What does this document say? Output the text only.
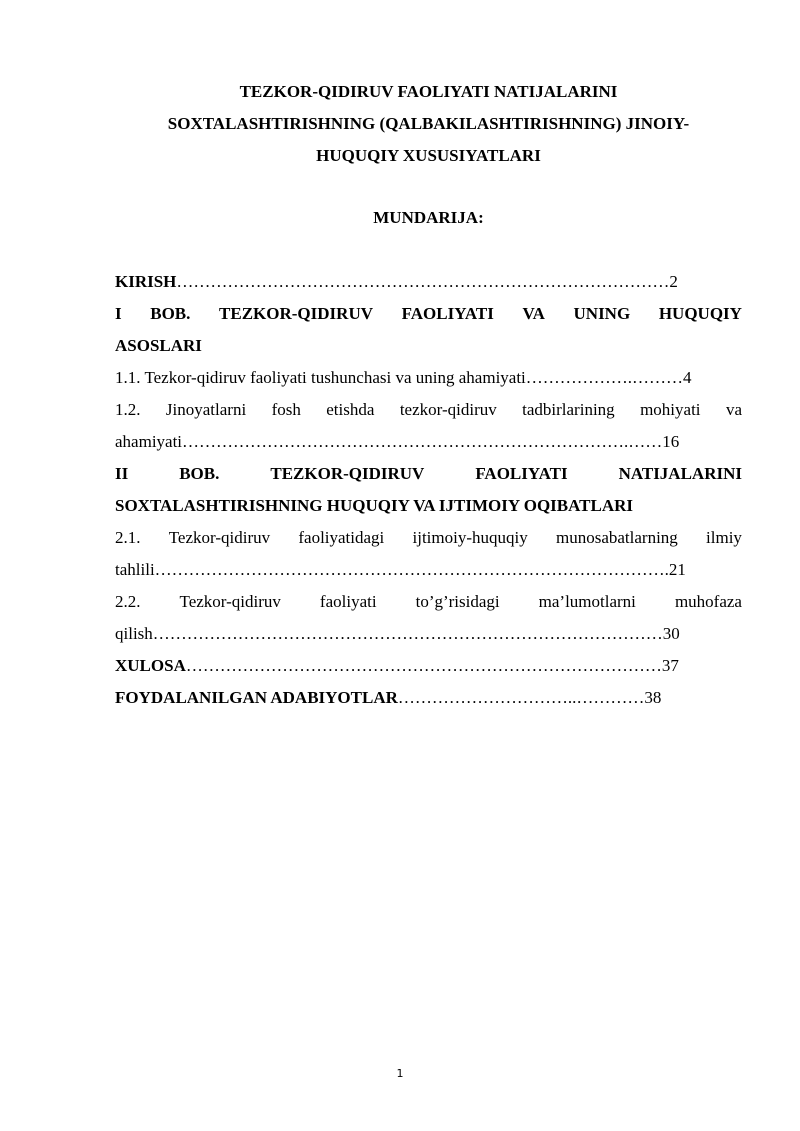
TEZKOR-QIDIRUV FAOLIYATI NATIJALARINI
SOXTALASHTIRISHNING (QALBAKILASHTIRISHNING) JINOIY-
HUQUQIY XUSUSIYATLARI
MUNDARIJA:
KIRISH……………………………………………………………………………2
I BOB. TEZKOR-QIDIRUV FAOLIYATI VA UNING HUQUQIY
ASOSLARI
1.1. Tezkor-qidiruv faoliyati tushunchasi va uning ahamiyati……………….………4
1.2. Jinoyatlarni fosh etishda tezkor-qidiruv tadbirlarining mohiyati va
ahamiyati…………………………………………………………………….……16
II	BOB.	TEZKOR-QIDIRUV	FAOLIYATI	NATIJALARINI
SOXTALASHTIRISHNING HUQUQIY VA IJTIMOIY OQIBATLARI
2.1. Tezkor-qidiruv faoliyatidagi ijtimoiy-huquqiy munosabatlarning ilmiy
tahlili……………………………………………………………………………….21
2.2. Tezkor-qidiruv faoliyati to’g’risidagi ma’lumotlarni muhofaza
qilish………………………………………………………………………………30
XULOSA…………………………………………………………………………37
FOYDALANILGAN ADABIYOTLAR…………………………..…………38
1
